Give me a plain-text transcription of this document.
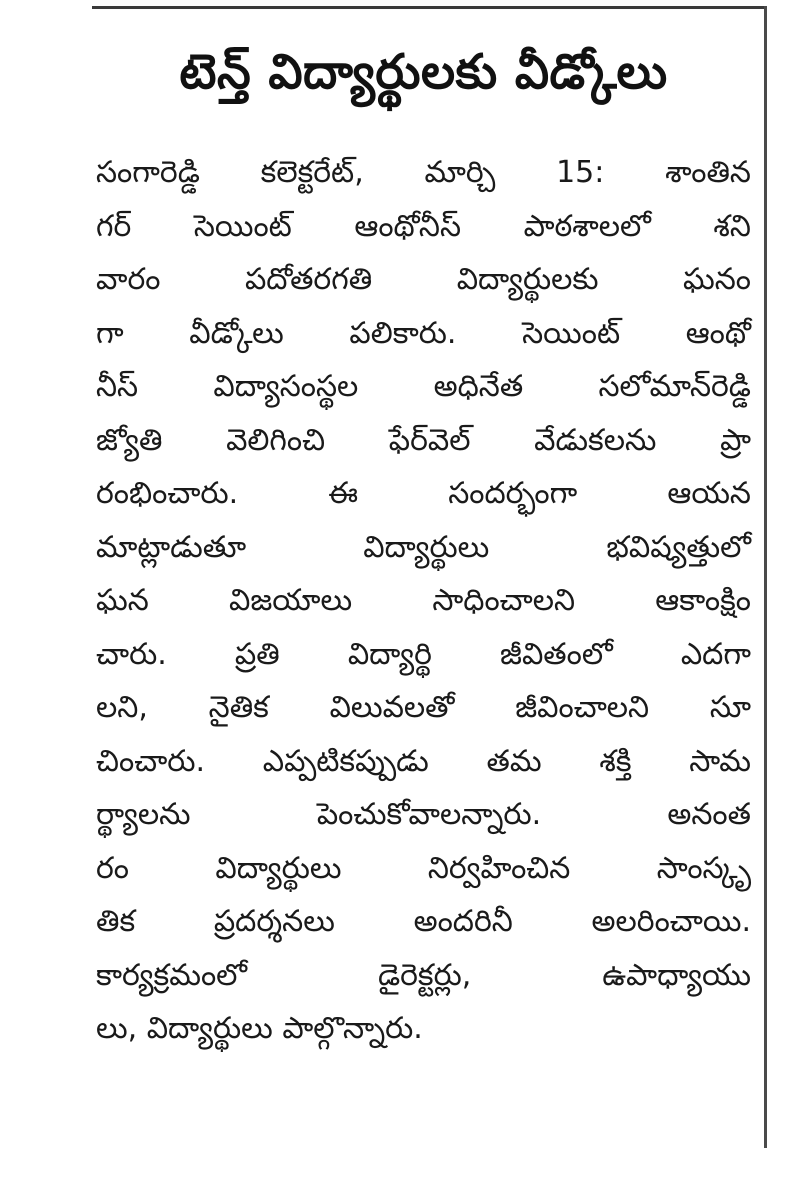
టెన్త్ విద్యార్థులకు వీడ్కోలు
సంగారెడ్డి కలెక్టరేట్, మార్చి 15: శాంతిన
గర్ సెయింట్ ఆంథోనీస్ పాఠశాలలో శని
వారం పదోతరగతి విద్యార్థులకు ఘనం
గా వీడ్కోలు పలికారు. సెయింట్ ఆంథో
నీస్ విద్యాసంస్థల అధినేత సలోమాన్‌రెడ్డి
జ్యోతి వెలిగించి ఫేర్‌వెల్ వేడుకలను ప్రా
రంభించారు. ఈ సందర్భంగా ఆయన
మాట్లాడుతూ విద్యార్థులు భవిష్యత్తులో
ఘన విజయాలు సాధించాలని ఆకాంక్షిం
చారు. ప్రతి విద్యార్థి జీవితంలో ఎదగా
లని, నైతిక విలువలతో జీవించాలని సూ
చించారు. ఎప్పటికప్పుడు తమ శక్తి సామ
ర్థ్యాలను పెంచుకోవాలన్నారు. అనంత
రం విద్యార్థులు నిర్వహించిన సాంస్కృ
తిక ప్రదర్శనలు అందరినీ అలరించాయి.
కార్యక్రమంలో డైరెక్టర్లు, ఉపాధ్యాయు
లు, విద్యార్థులు పాల్గొన్నారు.
